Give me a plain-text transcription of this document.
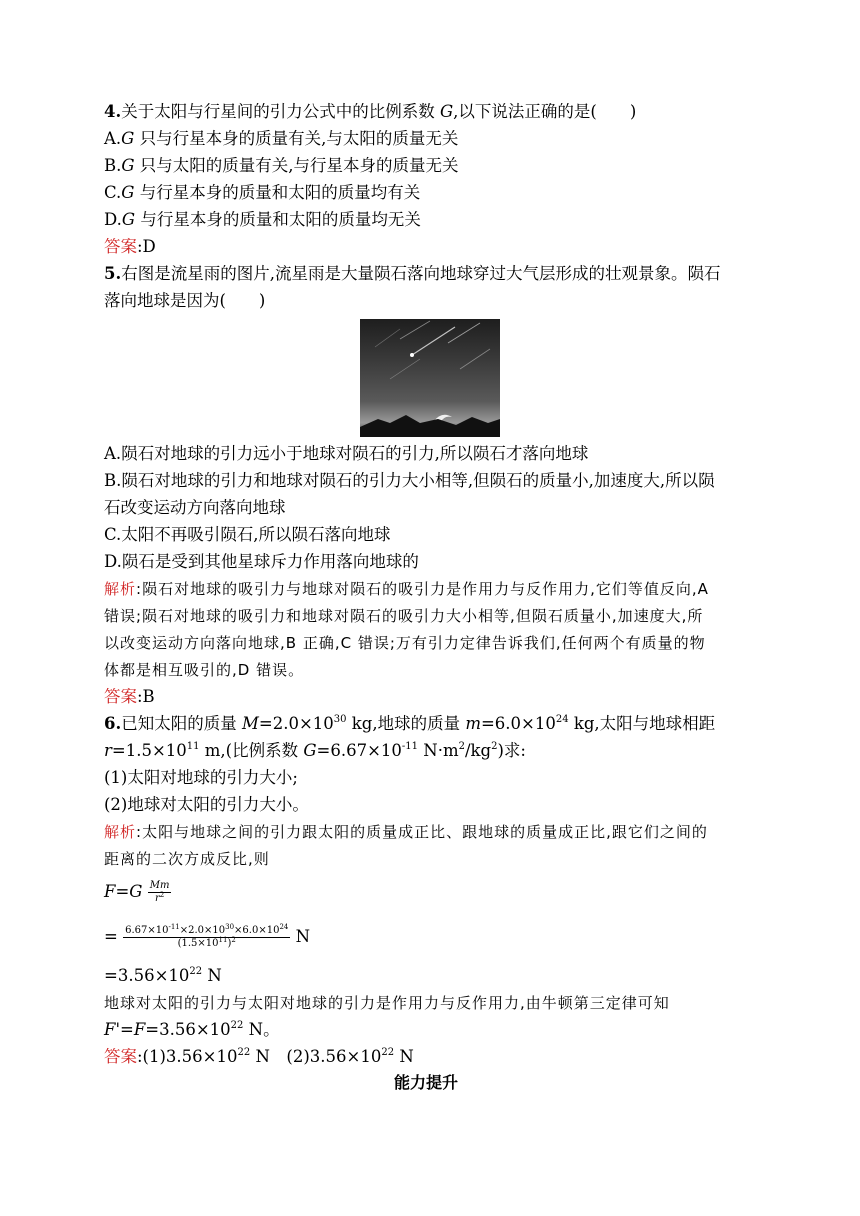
4.关于太阳与行星间的引力公式中的比例系数 G,以下说法正确的是(　　)
A.G 只与行星本身的质量有关,与太阳的质量无关
B.G 只与太阳的质量有关,与行星本身的质量无关
C.G 与行星本身的质量和太阳的质量均有关
D.G 与行星本身的质量和太阳的质量均无关
答案:D
5.右图是流星雨的图片,流星雨是大量陨石落向地球穿过大气层形成的壮观景象。陨石
落向地球是因为(　　)
A.陨石对地球的引力远小于地球对陨石的引力,所以陨石才落向地球
B.陨石对地球的引力和地球对陨石的引力大小相等,但陨石的质量小,加速度大,所以陨
石改变运动方向落向地球
C.太阳不再吸引陨石,所以陨石落向地球
D.陨石是受到其他星球斥力作用落向地球的
解析:陨石对地球的吸引力与地球对陨石的吸引力是作用力与反作用力,它们等值反向,A
错误;陨石对地球的吸引力和地球对陨石的吸引力大小相等,但陨石质量小,加速度大,所
以改变运动方向落向地球,B 正确,C 错误;万有引力定律告诉我们,任何两个有质量的物
体都是相互吸引的,D 错误。
答案:B
6.已知太阳的质量 $M=2.0\times 10^{30}$ kg,地球的质量 $m=6.0\times 10^{24}$ kg,太阳与地球相距
$r=1.5\times 10^{11}$ m,(比例系数 $G=6.67\times 10^{-11}$ $N\cdot m^2/kg^2$)求:
(1)太阳对地球的引力大小;
(2)地球对太阳的引力大小。
解析:太阳与地球之间的引力跟太阳的质量成正比、跟地球的质量成正比,跟它们之间的
距离的二次方成反比,则
$F=G \frac{Mm}{r^2}$
= $\frac{6.67\times 10^{-11}\times 2.0\times 10^{30}\times 6.0\times 10^{24}}{(1.5\times 10^{11})^2}$ N
$=3.56\times 10^{22}$ N
地球对太阳的引力与太阳对地球的引力是作用力与反作用力,由牛顿第三定律可知
$F'=F=3.56\times 10^{22}$ N。
答案$:(1)3.56\times 10^{22}$ N　$(2)3.56\times 10^{22}$ N
能力提升
